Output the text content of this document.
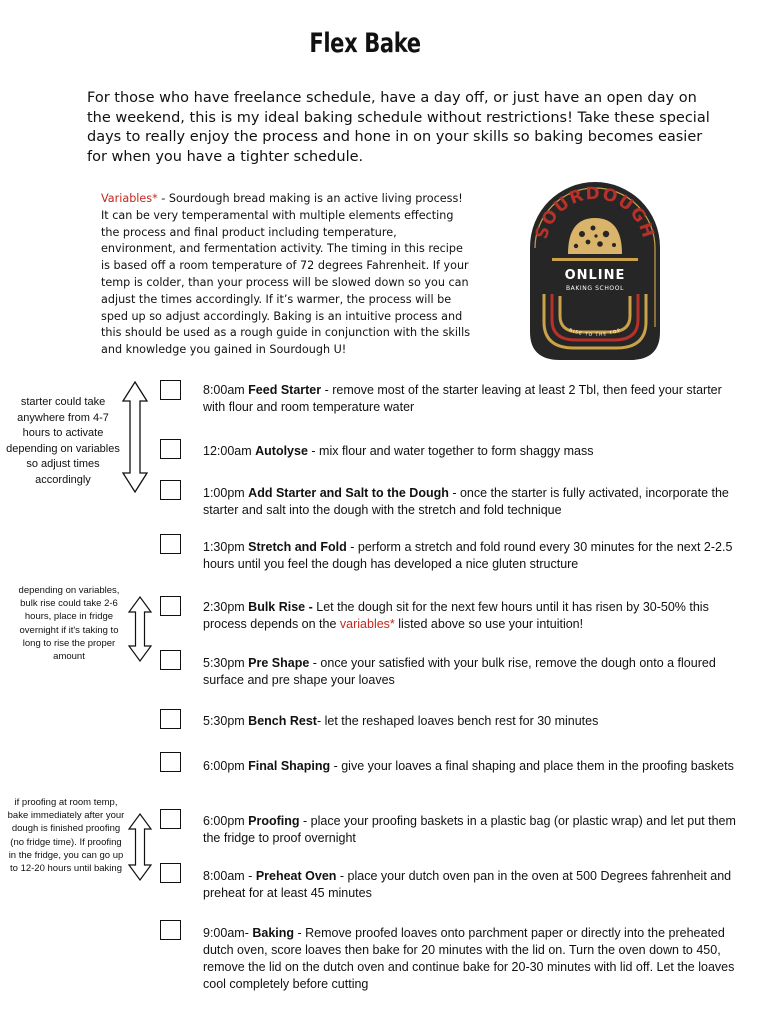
Flex Bake
For those who have freelance schedule, have a day off, or just have an open day on the weekend, this is my ideal baking schedule without restrictions! Take these special days to really enjoy the process and hone in on your skills so baking becomes easier for when you have a tighter schedule.
Variables* - Sourdough bread making is an active living process! It can be very temperamental with multiple elements effecting the process and final product including temperature, environment, and fermentation activity. The timing in this recipe is based off a room temperature of 72 degrees Fahrenheit. If your temp is colder, than your process will be slowed down so you can adjust the times accordingly. If it’s warmer, the process will be sped up so adjust accordingly. Baking is an intuitive process and this should be used as a rough guide in conjunction with the skills and knowledge you gained in Sourdough U!
SOURDOUGH
ONLINE
BAKING SCHOOL
RISE TO THE TOP
starter could take anywhere from 4-7 hours to activate depending on variables so adjust times accordingly
depending on variables, bulk rise could take 2-6 hours, place in fridge overnight if it's taking to long to rise the proper amount
if proofing at room temp, bake immediately after your dough is finished proofing (no fridge time). If proofing in the fridge, you can go up to 12-20 hours until baking
8:00am Feed Starter - remove most of the starter leaving at least 2 Tbl, then feed your starter with flour and room temperature water
12:00am Autolyse - mix flour and water together to form shaggy mass
1:00pm Add Starter and Salt to the Dough - once the starter is fully activated, incorporate the starter and salt into the dough with the stretch and fold technique
1:30pm Stretch and Fold - perform a stretch and fold round every 30 minutes for the next 2-2.5 hours until you feel the dough has developed a nice gluten structure
2:30pm Bulk Rise - Let the dough sit for the next few hours until it has risen by 30-50% this process depends on the variables* listed above so use your intuition!
5:30pm Pre Shape - once your satisfied with your bulk rise, remove the dough onto a floured surface and pre shape your loaves
5:30pm Bench Rest- let the reshaped loaves bench rest for 30 minutes
6:00pm Final Shaping - give your loaves a final shaping and place them in the proofing baskets
6:00pm Proofing - place your proofing baskets in a plastic bag (or plastic wrap) and let put them the fridge to proof overnight
8:00am - Preheat Oven - place your dutch oven pan in the oven at 500 Degrees fahrenheit and preheat for at least 45 minutes
9:00am- Baking - Remove proofed loaves onto parchment paper or directly into the preheated dutch oven, score loaves then bake for 20 minutes with the lid on. Turn the oven down to 450, remove the lid on the dutch oven and continue bake for 20-30 minutes with lid off. Let the loaves cool completely before cutting
